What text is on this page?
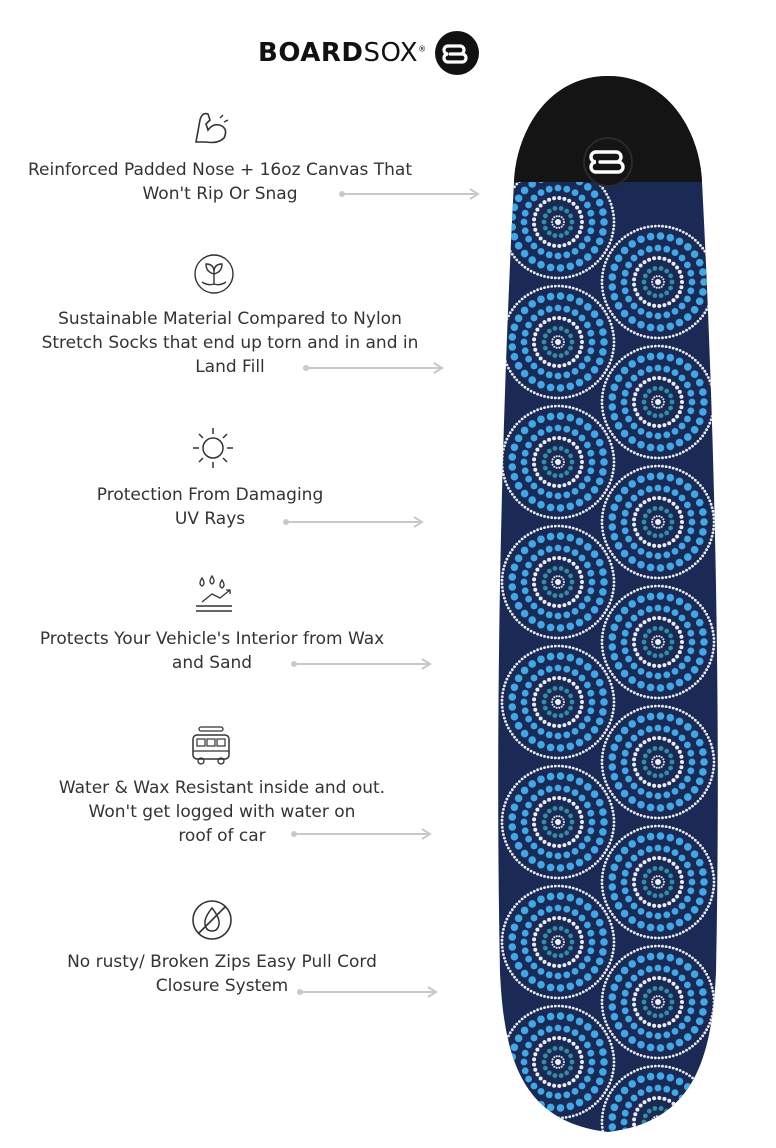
BOARDSOX®
Reinforced Padded Nose + 16oz Canvas That
Won't Rip Or Snag
Sustainable Material Compared to Nylon
Stretch Socks that end up torn and in and in
Land Fill
Protection From Damaging
UV Rays
Protects Your Vehicle's Interior from Wax
and Sand
Water & Wax Resistant inside and out.
Won't get logged with water on
roof of car
No rusty/ Broken Zips Easy Pull Cord
Closure System
